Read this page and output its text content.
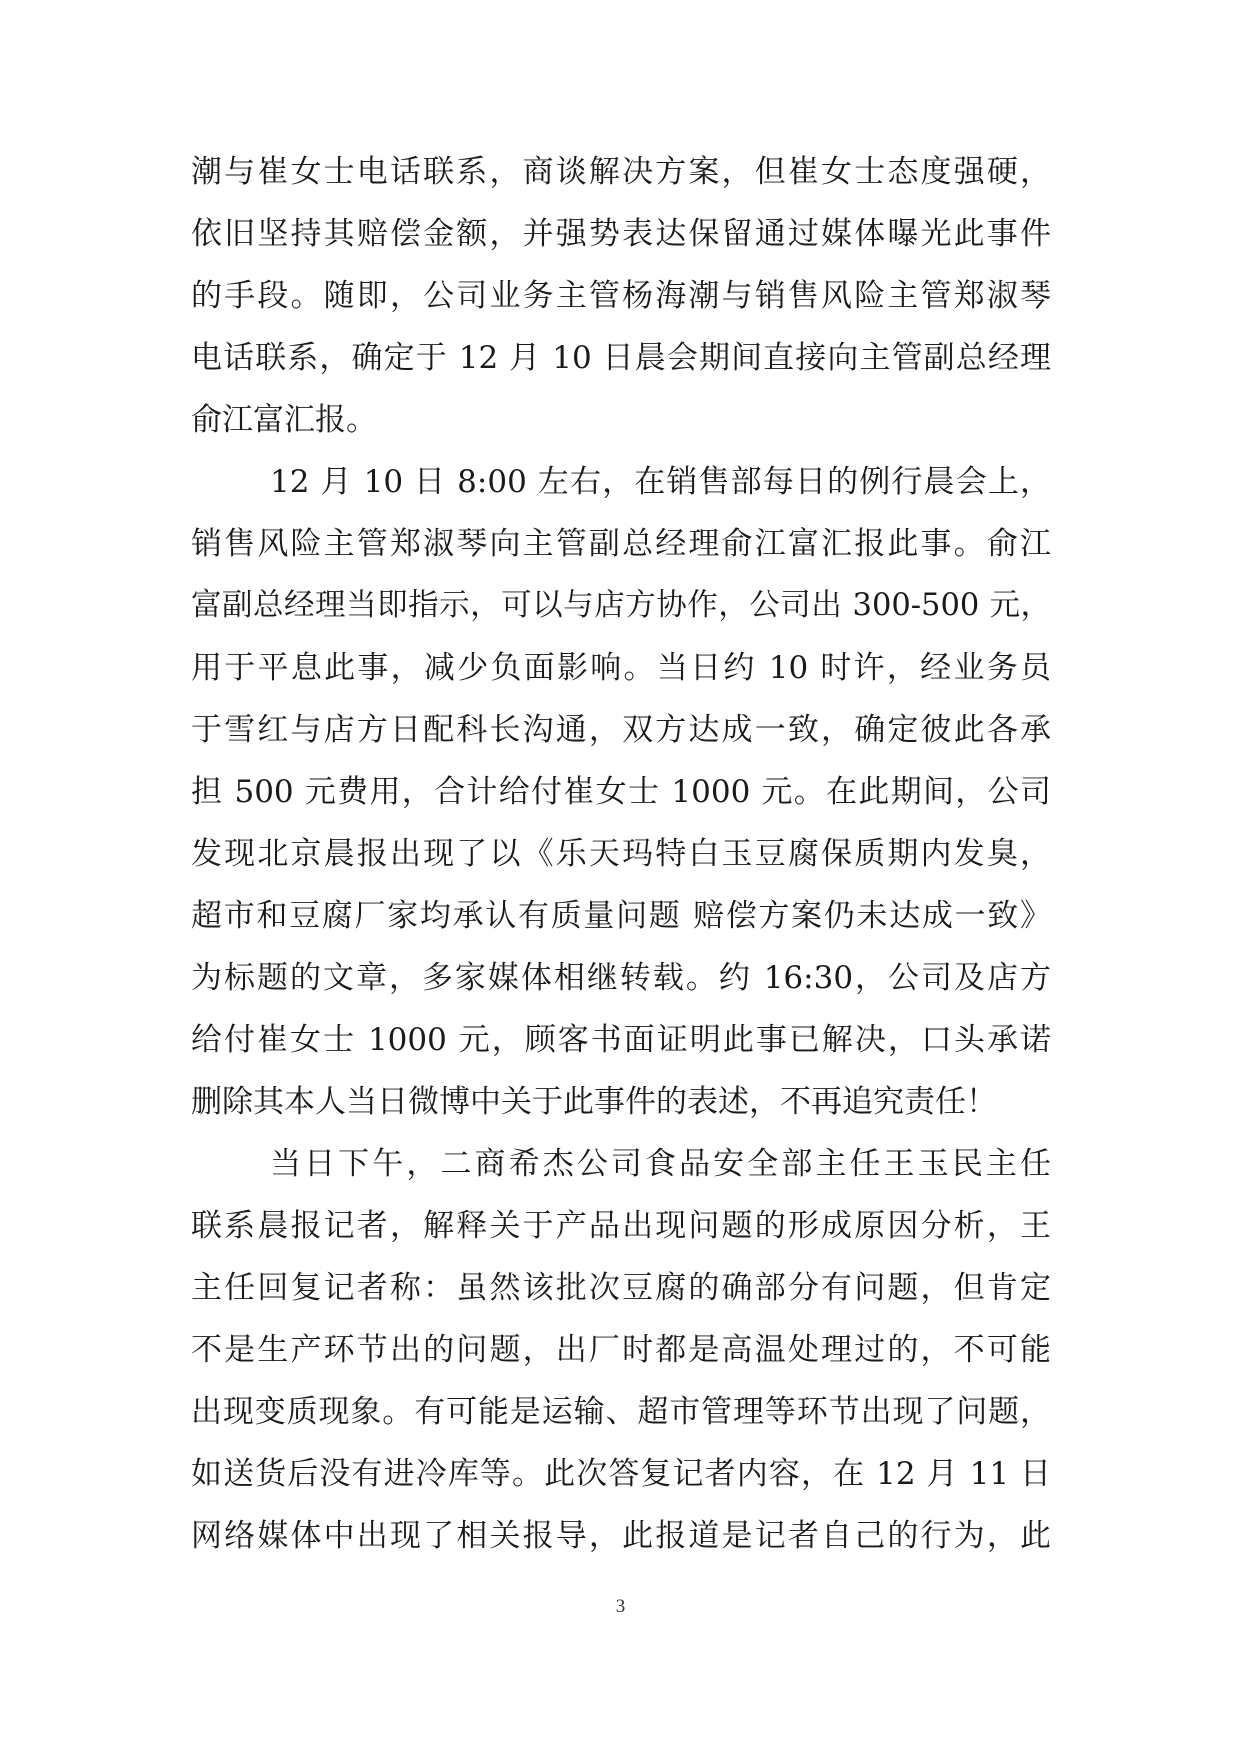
潮与崔女士电话联系，商谈解决方案，但崔女士态度强硬，
依旧坚持其赔偿金额，并强势表达保留通过媒体曝光此事件
的手段。随即，公司业务主管杨海潮与销售风险主管郑淑琴
电话联系，确定于 12 月 10 日晨会期间直接向主管副总经理
俞江富汇报。
12 月 10 日 8:00 左右，在销售部每日的例行晨会上，
销售风险主管郑淑琴向主管副总经理俞江富汇报此事。俞江
富副总经理当即指示，可以与店方协作，公司出 300-500 元，
用于平息此事，减少负面影响。当日约 10 时许，经业务员
于雪红与店方日配科长沟通，双方达成一致，确定彼此各承
担 500 元费用，合计给付崔女士 1000 元。在此期间，公司
发现北京晨报出现了以《乐天玛特白玉豆腐保质期内发臭，
超市和豆腐厂家均承认有质量问题 赔偿方案仍未达成一致》
为标题的文章，多家媒体相继转载。约 16:30，公司及店方
给付崔女士 1000 元，顾客书面证明此事已解决，口头承诺
删除其本人当日微博中关于此事件的表述，不再追究责任！
当日下午，二商希杰公司食品安全部主任王玉民主任
联系晨报记者，解释关于产品出现问题的形成原因分析，王
主任回复记者称：虽然该批次豆腐的确部分有问题，但肯定
不是生产环节出的问题，出厂时都是高温处理过的，不可能
出现变质现象。有可能是运输、超市管理等环节出现了问题，
如送货后没有进冷库等。此次答复记者内容，在 12 月 11 日
网络媒体中出现了相关报导，此报道是记者自己的行为，此
3
